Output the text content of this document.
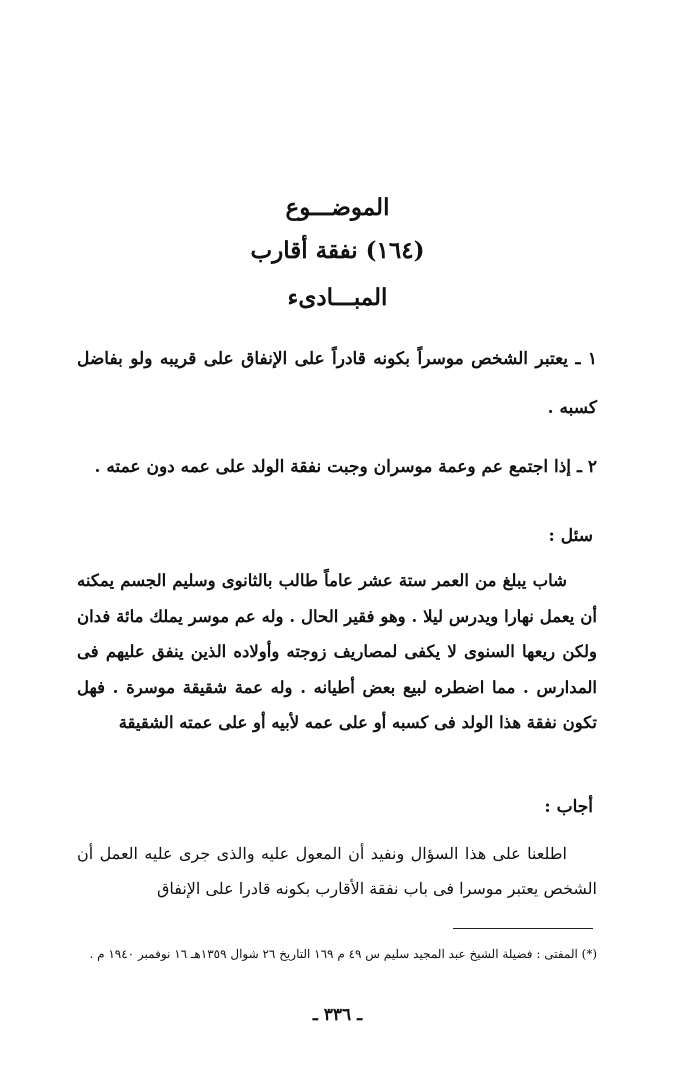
الموضـــوع
(١٦٤) نفقة أقارب
المبـــادىء

١ ـ يعتبر الشخص موسراً بكونه قادراً على الإنفاق على قريبه ولو بفاضل كسبه .

٢ ـ إذا اجتمع عم وعمة موسران وجبت نفقة الولد على عمه دون عمته .

سئل :
شاب يبلغ من العمر ستة عشر عاماً طالب بالثانوى وسليم الجسم يمكنه أن يعمل نهارا ويدرس ليلا . وهو فقير الحال . وله عم موسر يملك مائة فدان ولكن ريعها السنوى لا يكفى لمصاريف زوجته وأولاده الذين ينفق عليهم فى المدارس . مما اضطره لبيع بعض أطيانه . وله عمة شقيقة موسرة . فهل تكون نفقة هذا الولد فى كسبه أو على عمه لأبيه أو على عمته الشقيقة
أجاب :
اطلعنا على هذا السؤال ونفيد أن المعول عليه والذى جرى عليه العمل أن الشخص يعتبر موسرا فى باب نفقة الأقارب بكونه قادرا على الإنفاق
(*) المفتى : فضيلة الشيخ عبد المجيد سليم س ٤٩ م ١٦٩ التاريخ ٢٦ شوال ١٣٥٩هـ ١٦ نوفمبر ١٩٤٠ م .
ـ ٣٣٦ ـ
